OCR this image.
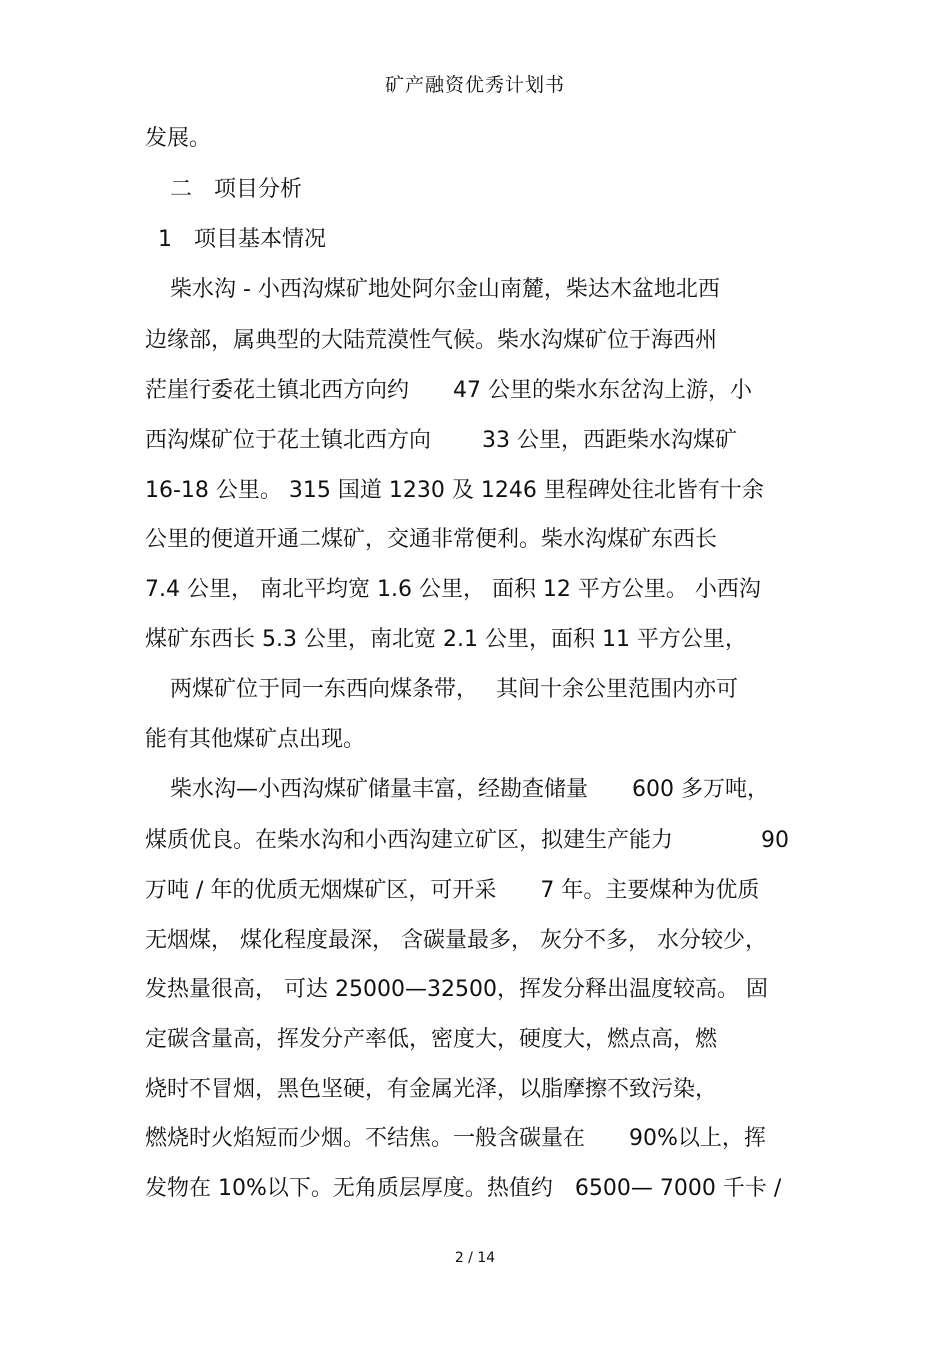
矿产融资优秀计划书
发展。
二　项目分析
1　项目基本情况
柴水沟 - 小西沟煤矿地处阿尔金山南麓，柴达木盆地北西
边缘部，属典型的大陆荒漠性气候。柴水沟煤矿位于海西州
茫崖行委花土镇北西方向约　　47 公里的柴水东岔沟上游，小
西沟煤矿位于花土镇北西方向　　 33 公里，西距柴水沟煤矿
16-18 公里。 315 国道 1230 及 1246 里程碑处往北皆有十余
公里的便道开通二煤矿，交通非常便利。柴水沟煤矿东西长
7.4 公里， 南北平均宽 1.6 公里， 面积 12 平方公里。 小西沟
煤矿东西长 5.3 公里，南北宽 2.1 公里，面积 11 平方公里，
两煤矿位于同一东西向煤条带，　 其间十余公里范围内亦可
能有其他煤矿点出现。
柴水沟—小西沟煤矿储量丰富，经勘查储量　　600 多万吨，
煤质优良。在柴水沟和小西沟建立矿区，拟建生产能力　　　　90
万吨 / 年的优质无烟煤矿区，可开采　　7 年。主要煤种为优质
无烟煤， 煤化程度最深， 含碳量最多， 灰分不多， 水分较少，
发热量很高， 可达 25000—32500，挥发分释出温度较高。 固
定碳含量高，挥发分产率低，密度大，硬度大，燃点高，燃
烧时不冒烟，黑色坚硬，有金属光泽，以脂摩擦不致污染，
燃烧时火焰短而少烟。不结焦。一般含碳量在　　90%以上，挥
发物在 10%以下。无角质层厚度。热值约　6500— 7000 千卡 /
2 / 14
